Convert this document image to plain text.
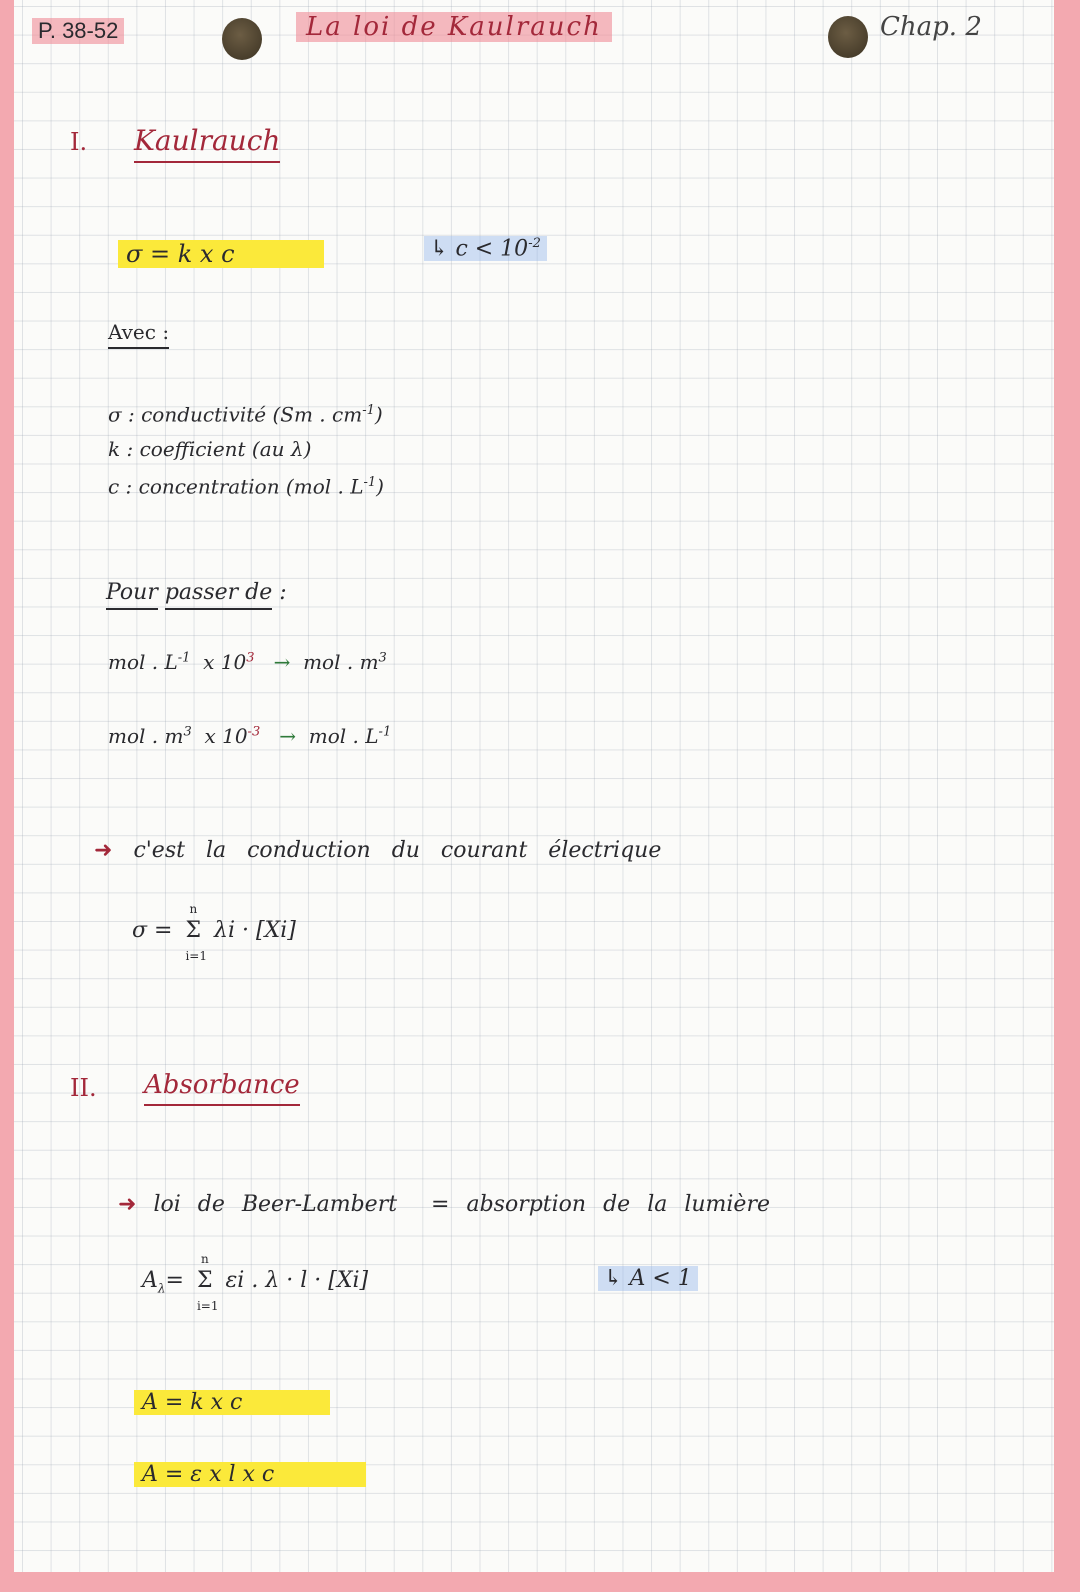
P. 38-52	La loi de Kaulrauch	Chap. 2
I. Kaulrauch
σ = k x c	↳ $c < 10^{-2}$
Avec :
σ : conductivité (Sm . $cm^{-1}$)
k : coefficient (au λ)
c : concentration (mol . $L^{-1}$)
Pour passer de :
mol . $L^{-1}$ x $10^3$ → mol . $m^3$
mol . $m^3$ x $10^{-3}$ → mol . $L^{-1}$
➜ c'est la conduction du courant électrique
σ = Σ
n
i=1
λi · [Xi]
II. Absorbance
➜ loi de Beer-Lambert = absorption de la lumière
$A_\lambda= \Sigma$
n
i=1
εi . λ · l · [Xi]	↳ A < 1
A = k x c
A = ε x l x c
